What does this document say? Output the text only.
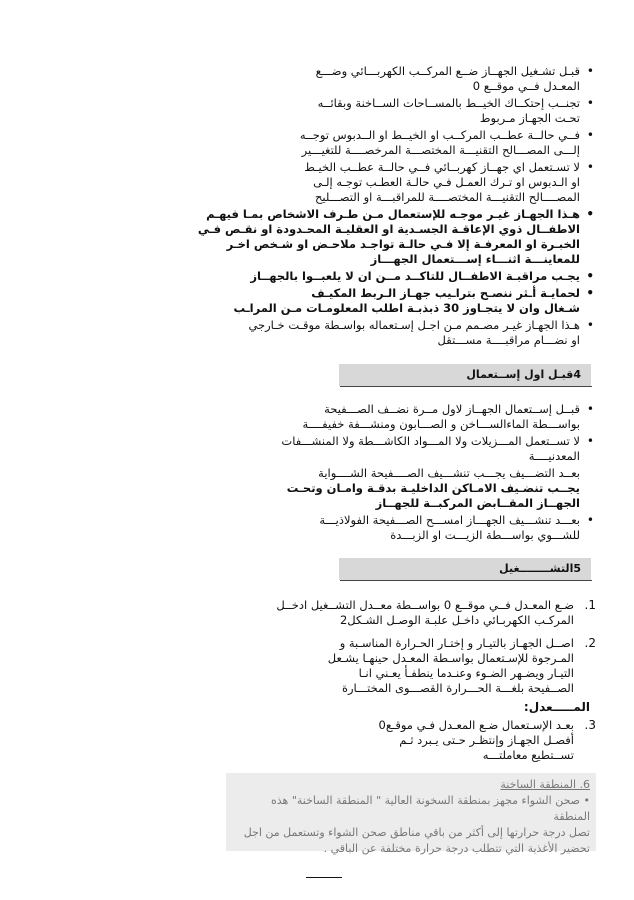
• قبـل تشـغيل الجهــاز ضــع المركــب الكهربـــائي وضـــع
المعـدل فــي موقــع 0
• تجنــب إحتكــاك الخيــط بالمســاحات الســاخنة وبقائــه
تحـت الجهـاز مـربوط
• فــي حالــة عطــب المركــب او الخيــط او الــدبوس توجــه
إلـــى المصـــالح التقنيـــة المختصـــة المرخصــــة للتغيـــير
• لا تسـتعمل اي جهــاز كهربــائي فــي حالــة عطــب الخيـط
او الـدبوس او تـرك العمـل فـي حالـة العطـب توجـه إلـى
المصــــالح التقنيـــة المختصــــة للمراقبـــة او التصـــليح
• هـذا الجهـاز غيـر موجـه للإستعمال مـن طـرف الاشخاص بمـا فيهـم
الاطفــال ذوي الإعاقـة الجسـدية او العقليـة المحـدودة او نقـص فـي
الخبـرة او المعرفـة إلا فـي حالـة تواجـد ملاحـض او شـخص اخـر
للمعاينـــة اثنـــاء إســـتعمال الجهـــاز
• يجـب مراقبـة الاطفــال للتاكــد مــن ان لا يلعبــوا بالجهــاز
• لحمايـة أـثر ننصـح بتراـيب جهـاز الـربط المكيـف
شـغال وان لا يتجـاوز 30 ذبذبـة اطلب المعلومـات مـن المراـب
• هـذا الجهـاز غيـر مصـمم مـن اجـل إسـتعماله بواسـطة موقـت خـارجي
او نضـــام مراقبــــة مســـتقل
4قبـل اول إســتعمال
• قبــل إســتعمال الجهــاز لاول مــرة نضــف الصـــفيحة
بواســـطة الماءالســـاخن و الصـــابون ومنشـــفة خفيفــــة
• لا تســتعمل المـــزيلات ولا المـــواد الكاشـــطة ولا المنشـــفات
المعدنيــــة
بعــد التضـــيف يجـــب تنشـــيف الصــــفيحة الشــــواية
يجــب تنضـيف الامـاكن الداخليـة بدقـة وامـان وتحـت
الجهــاز المقــابض المركبــة للجهــاز
• بعـــد تنشـــيف الجهـــاز امســـح الصـــفيحة الفولاذيـــة
للشـــوي بواســـطة الزيـــت او الزبـــدة
5التشــــــــغيل
1.
ضـع المعـدل فــي موقــع 0 بواســطة معــدل التشــغيل ادخــل
المركـب الكهربـائي داخـل علبـة الوصـل الشـكل2
2.
اصــل الجهـاز بالتيـار و إختـار الحـرارة المناسـبة و
المـرجوة للإسـتعمال بواسـطة المعـدل حينهـا يشـعل
التيـار ويضـهر الضـوء وعنـدما ينطفـأ يعـني انـا
الصــفيحة بلغـــة الحـــرارة القصـــوى المختـــارة
المـــــعدل:
3.
بعـد الإسـتعمال ضـع المعـدل فـي موقـع0
أفصـل الجهـاز وإنتظـر حـتى يـبرد ثـم
تســتطيع معاملتـــه
6. المنطقة الساخنة
• صحن الشواء مجهز بمنطقة السخونة العالية " المنطقة الساخنة" هذه المنطقة
تصل درجة حرارتها إلى أكثر من باقي مناطق صحن الشواء وتستعمل من اجل
تحضير الأغذية التي تتطلب درجة حرارة مختلفة عن الباقي .
